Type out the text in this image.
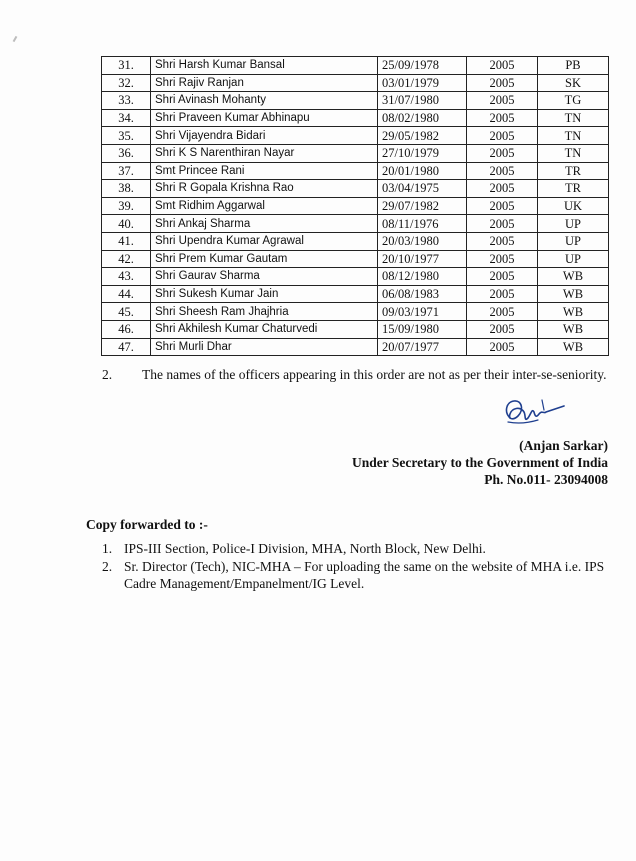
31.	Shri Harsh Kumar Bansal	25/09/1978	2005	PB
32.	Shri Rajiv Ranjan	03/01/1979	2005	SK
33.	Shri Avinash Mohanty	31/07/1980	2005	TG
34.	Shri Praveen Kumar Abhinapu	08/02/1980	2005	TN
35.	Shri Vijayendra Bidari	29/05/1982	2005	TN
36.	Shri K S Narenthiran Nayar	27/10/1979	2005	TN
37.	Smt Princee Rani	20/01/1980	2005	TR
38.	Shri R Gopala Krishna Rao	03/04/1975	2005	TR
39.	Smt Ridhim Aggarwal	29/07/1982	2005	UK
40.	Shri Ankaj Sharma	08/11/1976	2005	UP
41.	Shri Upendra Kumar Agrawal	20/03/1980	2005	UP
42.	Shri Prem Kumar Gautam	20/10/1977	2005	UP
43.	Shri Gaurav Sharma	08/12/1980	2005	WB
44.	Shri Sukesh Kumar Jain	06/08/1983	2005	WB
45.	Shri Sheesh Ram Jhajhria	09/03/1971	2005	WB
46.	Shri Akhilesh Kumar Chaturvedi	15/09/1980	2005	WB
47.	Shri Murli Dhar	20/07/1977	2005	WB
2. The names of the officers appearing in this order are not as per their inter-se-seniority.
(Anjan Sarkar)
Under Secretary to the Government of India
Ph. No.011- 23094008
Copy forwarded to :-
1. IPS-III Section, Police-I Division, MHA, North Block, New Delhi.
2. Sr. Director (Tech), NIC-MHA – For uploading the same on the website of MHA i.e. IPS Cadre Management/Empanelment/IG Level.
